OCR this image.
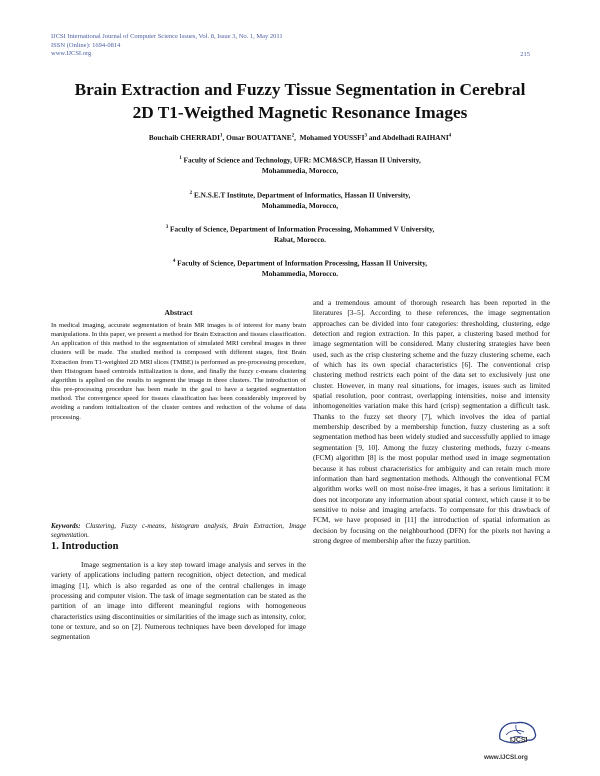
IJCSI International Journal of Computer Science Issues, Vol. 8, Issue 3, No. 1, May 2011
ISSN (Online): 1694-0814
www.IJCSI.org	215
Brain Extraction and Fuzzy Tissue Segmentation in Cerebral
2D T1-Weigthed Magnetic Resonance Images
Bouchaib CHERRADI$^1$, Omar BOUATTANE$^2$,  Mohamed YOUSSFI$^3$ and Abdelhadi RAIHANI$^4$
$^1$ Faculty of Science and Technology, UFR: MCM&SCP, Hassan II University,
Mohammedia, Morocco,
$^2$ E.N.S.E.T Institute, Department of Informatics, Hassan II University,
Mohammedia, Morocco,
$^3$ Faculty of Science, Department of Information Processing, Mohammed V University,
Rabat, Morocco.
$^4$ Faculty of Science, Department of Information Processing, Hassan II University,
Mohammedia, Morocco.
Abstract
In medical imaging, accurate segmentation of brain MR images is of interest for many brain manipulations. In this paper, we present a method for Brain Extraction and tissues classification. An application of this method to the segmentation of simulated MRI cerebral images in three clusters will be made. The studied method is composed with different stages, first Brain Extraction from T1-weighted 2D MRI slices (TMBE) is performed as pre-processing procedure, then Histogram based centroids initialization is done, and finally the fuzzy c-means clustering algorithm is applied on the results to segment the image in three clusters. The introduction of this pre-processing procedure has been made in the goal to have a targeted segmentation method. The convergence speed for tissues classification has been considerably improved by avoiding a random initialization of the cluster centres and reduction of the volume of data processing.
Keywords: Clustering, Fuzzy c-means, histogram analysis, Brain Extraction, Image segmentation.
1. Introduction
Image segmentation is a key step toward image analysis and serves in the variety of applications including pattern recognition, object detection, and medical imaging [1], which is also regarded as one of the central challenges in image processing and computer vision. The task of image segmentation can be stated as the partition of an image into different meaningful regions with homogeneous characteristics using discontinuities or similarities of the image such as intensity, color, tone or texture, and so on [2]. Numerous techniques have been developed for image segmentation
and a tremendous amount of thorough research has been reported in the literatures [3–5]. According to these references, the image segmentation approaches can be divided into four categories: thresholding, clustering, edge detection and region extraction. In this paper, a clustering based method for image segmentation will be considered. Many clustering strategies have been used, such as the crisp clustering scheme and the fuzzy clustering scheme, each of which has its own special characteristics [6]. The conventional crisp clustering method restricts each point of the data set to exclusively just one cluster. However, in many real situations, for images, issues such as limited spatial resolution, poor contrast, overlapping intensities, noise and intensity inhomogeneities variation make this hard (crisp) segmentation a difficult task. Thanks to the fuzzy set theory [7], which involves the idea of partial membership described by a membership function, fuzzy clustering as a soft segmentation method has been widely studied and successfully applied to image segmentation [9, 10]. Among the fuzzy clustering methods, fuzzy c-means (FCM) algorithm [8] is the most popular method used in image segmentation because it has robust characteristics for ambiguity and can retain much more information than hard segmentation methods. Although the conventional FCM algorithm works well on most noise-free images, it has a serious limitation: it does not incorporate any information about spatial context, which cause it to be sensitive to noise and imaging artefacts. To compensate for this drawback of FCM, we have proposed in [11] the introduction of spatial information as decision by focusing on the neighbourhood (DFN) for the pixels not having a strong degree of membership after the fuzzy partition.
IJCSI
www.IJCSI.org
